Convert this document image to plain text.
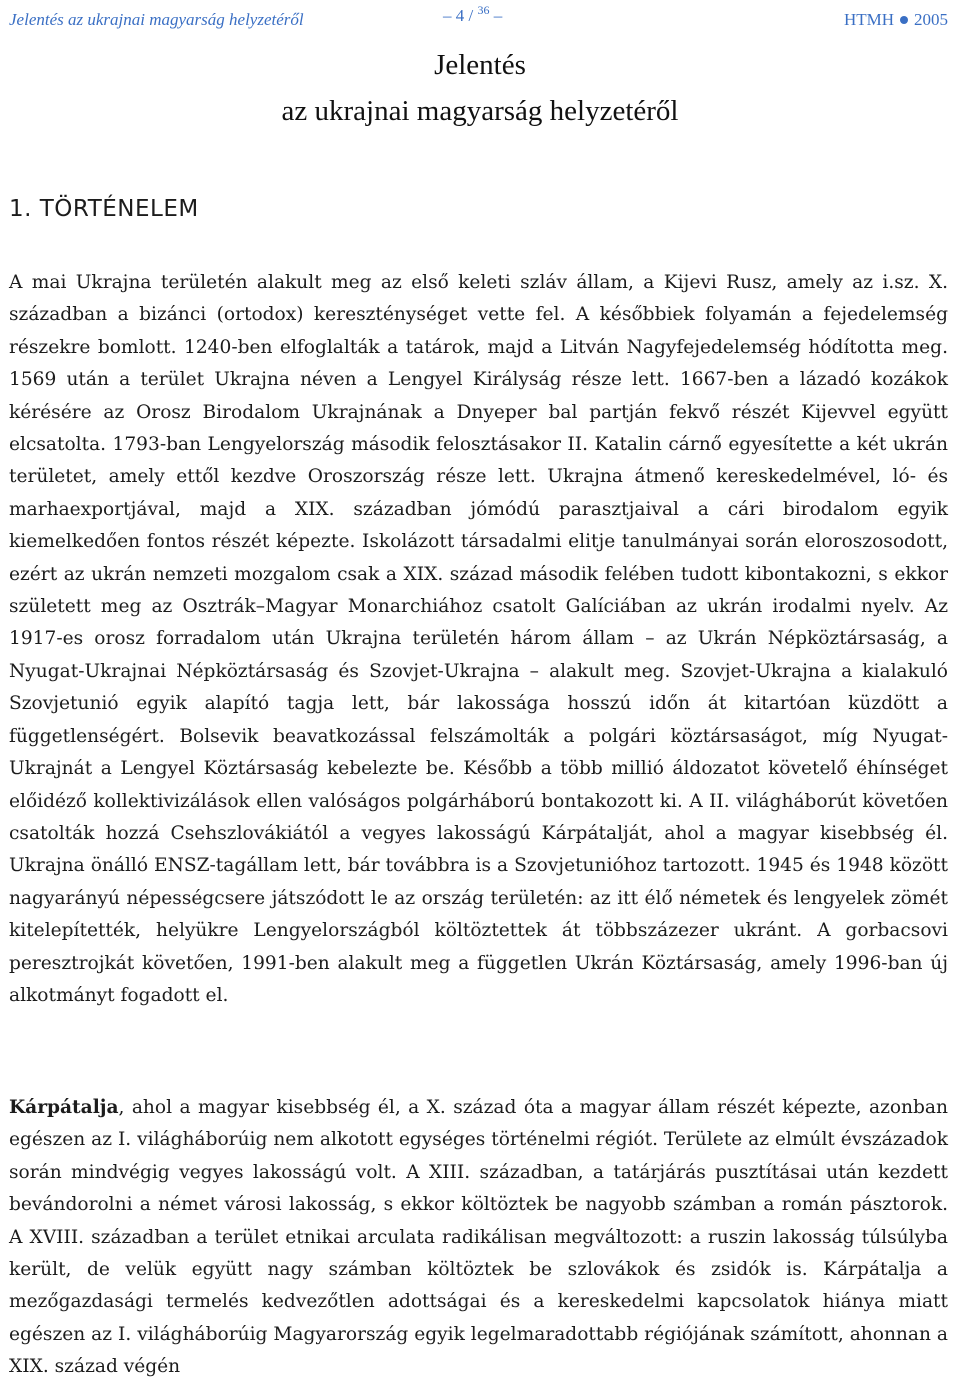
Jelentés az ukrajnai magyarság helyzetéről	– 4 / $^{36}$ –	HTMH 2005
Jelentés
az ukrajnai magyarság helyzetéről
1. TÖRTÉNELEM

A mai Ukrajna területén alakult meg az első keleti szláv állam, a Kijevi Rusz, amely az i.sz. X. században a bizánci (ortodox) kereszténységet vette fel. A későbbiek folyamán a fejedelemség részekre bomlott. 1240-ben elfoglalták a tatárok, majd a Litván Nagyfejedelemség hódította meg. 1569 után a terület Ukrajna néven a Lengyel Királyság része lett. 1667-ben a lázadó kozákok kérésére az Orosz Birodalom Ukrajnának a Dnyeper bal partján fekvő részét Kijevvel együtt elcsatolta. 1793-ban Lengyelország második felosztásakor II. Katalin cárnő egyesítette a két ukrán területet, amely ettől kezdve Oroszország része lett. Ukrajna átmenő kereskedelmével, ló- és marhaexportjával, majd a XIX. században jómódú parasztjaival a cári birodalom egyik kiemelkedően fontos részét képezte. Iskolázott társadalmi elitje tanulmányai során eloroszosodott, ezért az ukrán nemzeti mozgalom csak a XIX. század második felében tudott kibontakozni, s ekkor született meg az Osztrák–Magyar Monarchiához csatolt Galíciában az ukrán irodalmi nyelv. Az 1917-es orosz forradalom után Ukrajna területén három állam – az Ukrán Népköztársaság, a Nyugat-Ukrajnai Népköztársaság és Szovjet-Ukrajna – alakult meg. Szovjet-Ukrajna a kialakuló Szovjetunió egyik alapító tagja lett, bár lakossága hosszú időn át kitartóan küzdött a függetlenségért. Bolsevik beavatkozással felszámolták a polgári köztársaságot, míg Nyugat-Ukrajnát a Lengyel Köztársaság kebelezte be. Később a több millió áldozatot követelő éhínséget előidéző kollektivizálások ellen valóságos polgárháború bontakozott ki. A II. világháborút követően csatolták hozzá Csehszlovákiától a vegyes lakosságú Kárpátalját, ahol a magyar kisebbség él. Ukrajna önálló ENSZ-tagállam lett, bár továbbra is a Szovjetunióhoz tartozott. 1945 és 1948 között nagyarányú népességcsere játszódott le az ország területén: az itt élő németek és lengyelek zömét kitelepítették, helyükre Lengyelországból költöztettek át többszázezer ukránt. A gorbacsovi peresztrojkát követően, 1991-ben alakult meg a független Ukrán Köztársaság, amely 1996-ban új alkotmányt fogadott el.

Kárpátalja, ahol a magyar kisebbség él, a X. század óta a magyar állam részét képezte, azonban egészen az I. világháborúig nem alkotott egységes történelmi régiót. Területe az elmúlt évszázadok során mindvégig vegyes lakosságú volt. A XIII. században, a tatárjárás pusztításai után kezdett bevándorolni a német városi lakosság, s ekkor költöztek be nagyobb számban a román pásztorok. A XVIII. században a terület etnikai arculata radikálisan megváltozott: a ruszin lakosság túlsúlyba került, de velük együtt nagy számban költöztek be szlovákok és zsidók is. Kárpátalja a mezőgazdasági termelés kedvezőtlen adottságai és a kereskedelmi kapcsolatok hiánya miatt egészen az I. világháborúig Magyarország egyik legelmaradottabb régiójának számított, ahonnan a XIX. század végén
